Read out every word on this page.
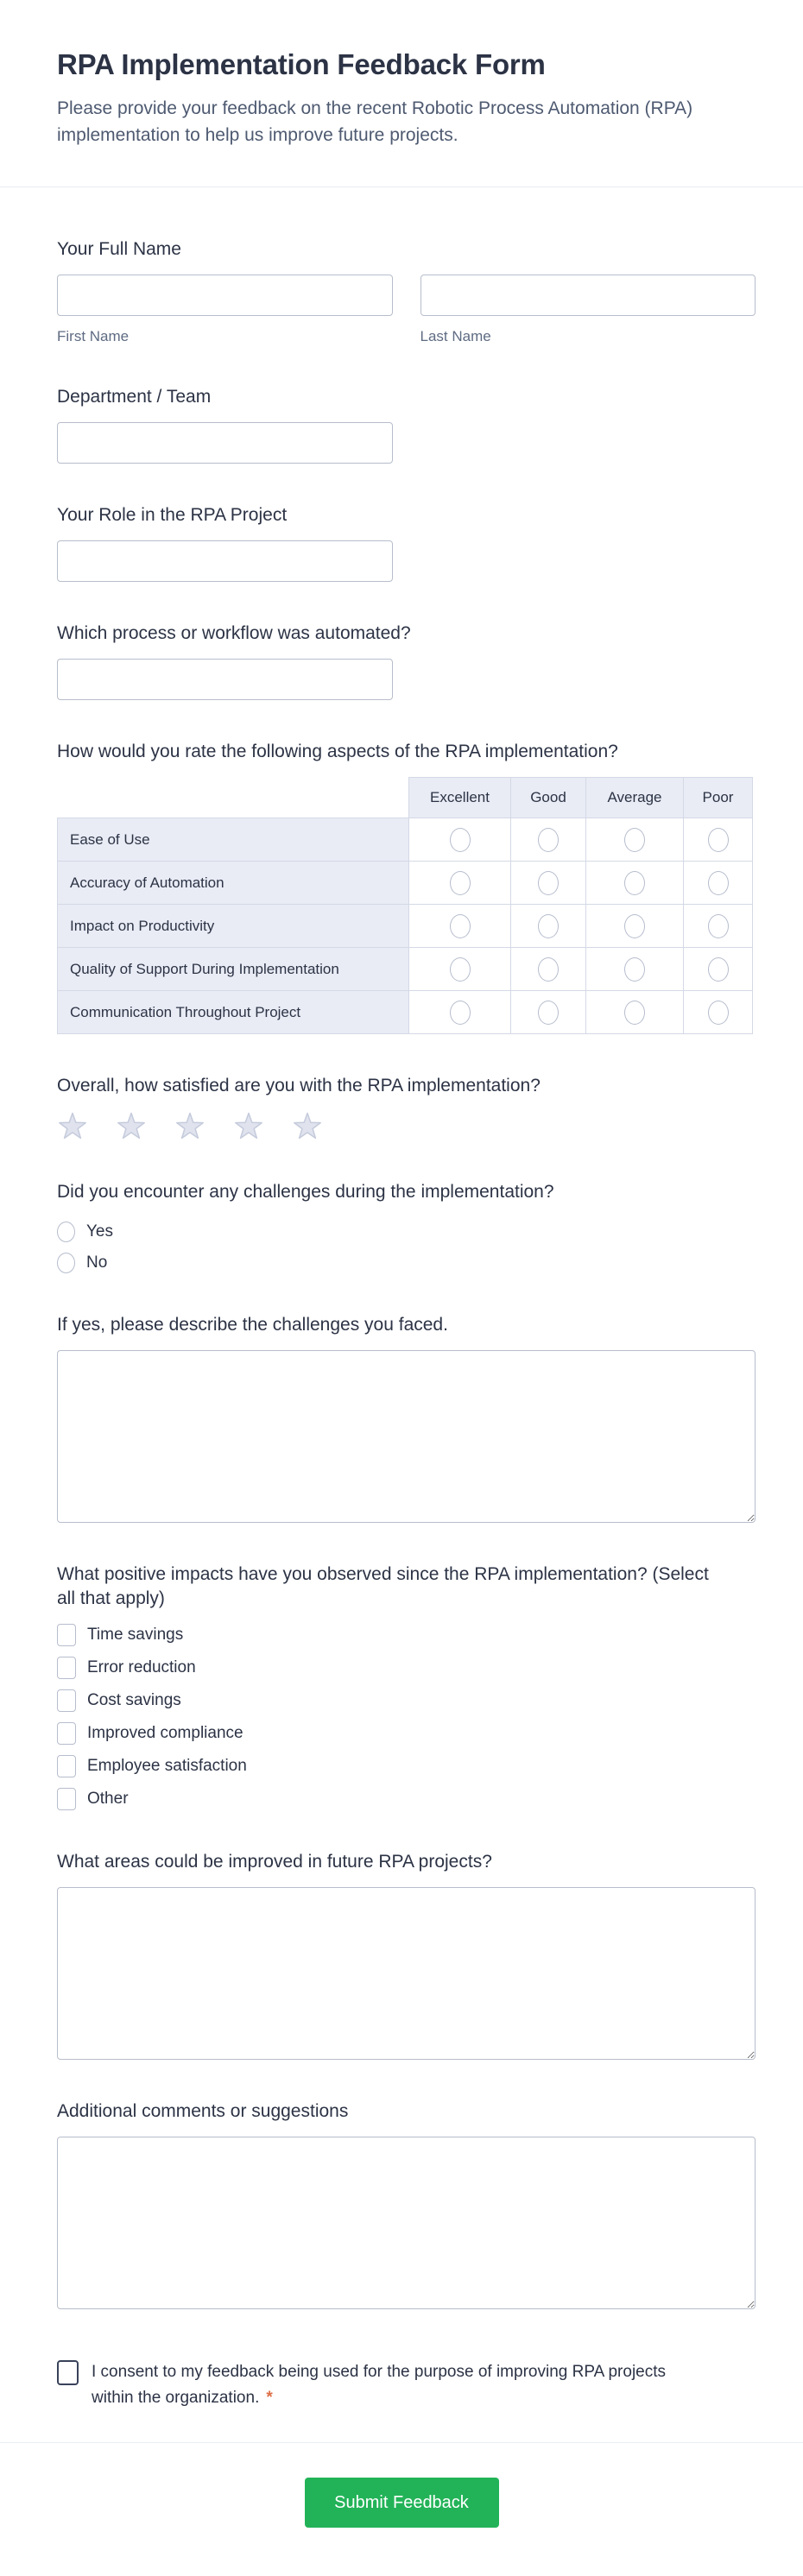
RPA Implementation Feedback Form

Please provide your feedback on the recent Robotic Process Automation (RPA) implementation to help us improve future projects.

Your Full Name
First Name	Last Name
Department / Team
Your Role in the RPA Project
Which process or workflow was automated?
How would you rate the following aspects of the RPA implementation?
	Excellent	Good	Average	Poor
Ease of Use				
Accuracy of Automation				
Impact on Productivity				
Quality of Support During Implementation				
Communication Throughout Project				
Overall, how satisfied are you with the RPA implementation?
Did you encounter any challenges during the implementation?
Yes
No
If yes, please describe the challenges you faced.
What positive impacts have you observed since the RPA implementation? (Select all that apply)
Time savings
Error reduction
Cost savings
Improved compliance
Employee satisfaction
Other
What areas could be improved in future RPA projects?
Additional comments or suggestions
I consent to my feedback being used for the purpose of improving RPA projects within the organization. *
Submit Feedback
